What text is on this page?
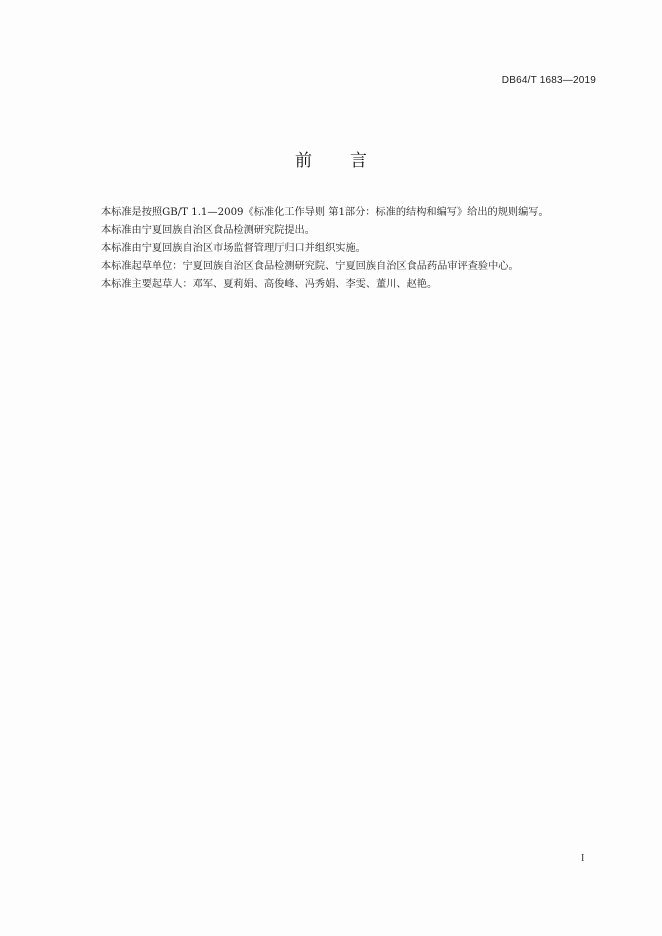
DB64/T 1683—2019
前 言

本标准是按照GB/T 1.1—2009《标准化工作导则 第1部分：标准的结构和编写》给出的规则编写。

本标准由宁夏回族自治区食品检测研究院提出。

本标准由宁夏回族自治区市场监督管理厅归口并组织实施。

本标准起草单位：宁夏回族自治区食品检测研究院、宁夏回族自治区食品药品审评查验中心。

本标准主要起草人：邓军、夏莉娟、高俊峰、冯秀娟、李雯、董川、赵艳。

I
